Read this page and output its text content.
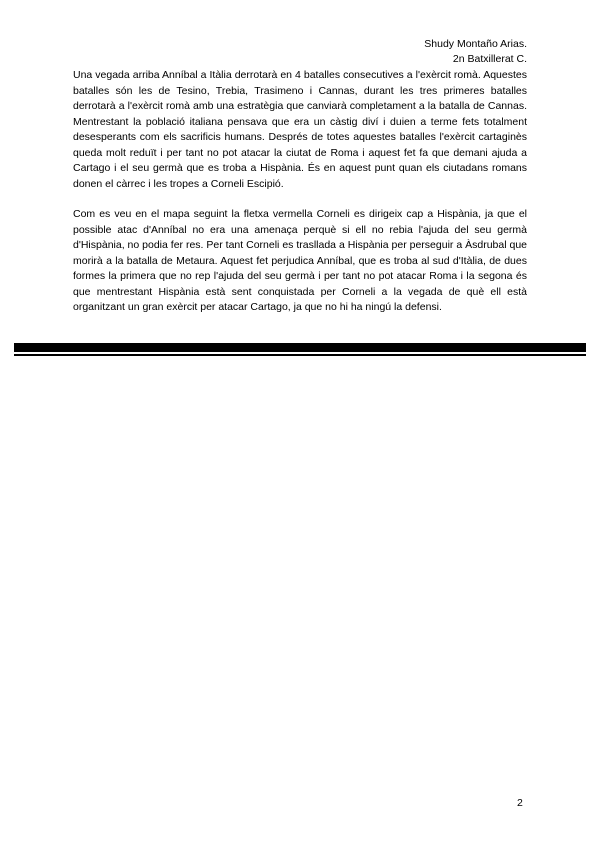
Shudy Montaño Arias.
2n Batxillerat C.

Una vegada arriba Anníbal a Itàlia derrotarà en 4 batalles consecutives a l'exèrcit romà. Aquestes batalles són les de Tesino, Trebia, Trasimeno i Cannas, durant les tres primeres batalles derrotarà a l'exèrcit romà amb una estratègia que canviarà completament a la batalla de Cannas. Mentrestant la població italiana pensava que era un càstig diví i duien a terme fets totalment desesperants com els sacrificis humans. Després de totes aquestes batalles l'exèrcit cartaginès queda molt reduït i per tant no pot atacar la ciutat de Roma i aquest fet fa que demani ajuda a Cartago i el seu germà que es troba a Hispània. És en aquest punt quan els ciutadans romans donen el càrrec i les tropes a Corneli Escipió.

Com es veu en el mapa seguint la fletxa vermella Corneli es dirigeix cap a Hispània, ja que el possible atac d'Anníbal no era una amenaça perquè si ell no rebia l'ajuda del seu germà d'Hispània, no podia fer res. Per tant Corneli es trasllada a Hispània per perseguir a Àsdrubal que morirà a la batalla de Metaura. Aquest fet perjudica Anníbal, que es troba al sud d'Itàlia, de dues formes la primera que no rep l'ajuda del seu germà i per tant no pot atacar Roma i la segona és que mentrestant Hispània està sent conquistada per Corneli a la vegada de què ell està organitzant un gran exèrcit per atacar Cartago, ja que no hi ha ningú la defensi.

2
